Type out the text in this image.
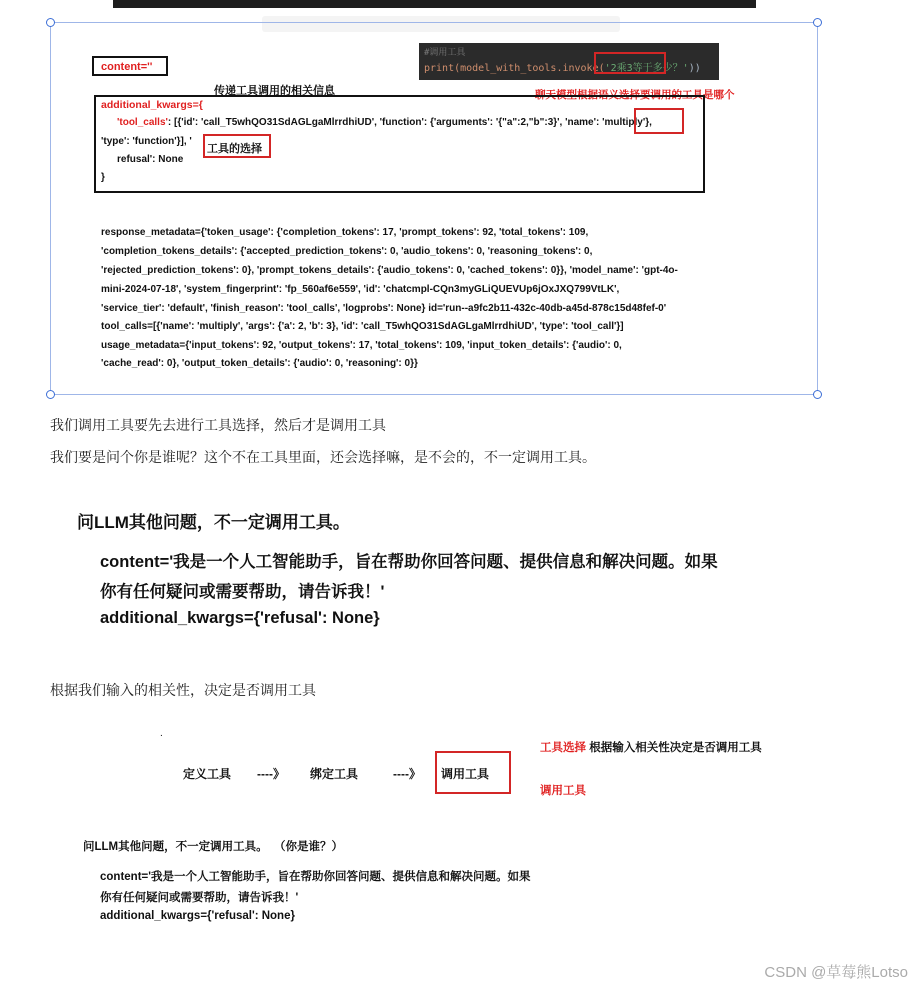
content=''
传递工具调用的相关信息
#调用工具
print(model_with_tools.invoke('2乘3等于多少？'))
聊天模型根据语义选择要调用的工具是哪个
additional_kwargs={
'tool_calls': [{'id': 'call_T5whQO31SdAGLgaMlrrdhiUD', 'function': {'arguments': '{"a":2,"b":3}', 'name': 'multiply'},
'type': 'function'}], '
工具的选择
refusal': None
}
response_metadata={'token_usage': {'completion_tokens': 17, 'prompt_tokens': 92, 'total_tokens': 109,
'completion_tokens_details': {'accepted_prediction_tokens': 0, 'audio_tokens': 0, 'reasoning_tokens': 0,
'rejected_prediction_tokens': 0}, 'prompt_tokens_details': {'audio_tokens': 0, 'cached_tokens': 0}}, 'model_name': 'gpt-4o-
mini-2024-07-18', 'system_fingerprint': 'fp_560af6e559', 'id': 'chatcmpl-CQn3myGLiQUEVUp6jOxJXQ799VtLK',
'service_tier': 'default', 'finish_reason': 'tool_calls', 'logprobs': None} id='run--a9fc2b11-432c-40db-a45d-878c15d48fef-0'
tool_calls=[{'name': 'multiply', 'args': {'a': 2, 'b': 3}, 'id': 'call_T5whQO31SdAGLgaMlrrdhiUD', 'type': 'tool_call'}]
usage_metadata={'input_tokens': 92, 'output_tokens': 17, 'total_tokens': 109, 'input_token_details': {'audio': 0,
'cache_read': 0}, 'output_token_details': {'audio': 0, 'reasoning': 0}}
我们调用工具要先去进行工具选择，然后才是调用工具
我们要是问个你是谁呢？这个不在工具里面，还会选择嘛，是不会的，不一定调用工具。
问LLM其他问题，不一定调用工具。
content='我是一个人工智能助手，旨在帮助你回答问题、提供信息和解决问题。如果
你有任何疑问或需要帮助，请告诉我！'
additional_kwargs={'refusal': None}
根据我们输入的相关性，决定是否调用工具
.
定义工具 ----》 绑定工具	----》 调用工具
工具选择 根据输入相关性决定是否调用工具
调用工具
问LLM其他问题，不一定调用工具。 （你是谁？）
content='我是一个人工智能助手，旨在帮助你回答问题、提供信息和解决问题。如果
你有任何疑问或需要帮助，请告诉我！'
additional_kwargs={'refusal': None}
CSDN @草莓熊Lotso
